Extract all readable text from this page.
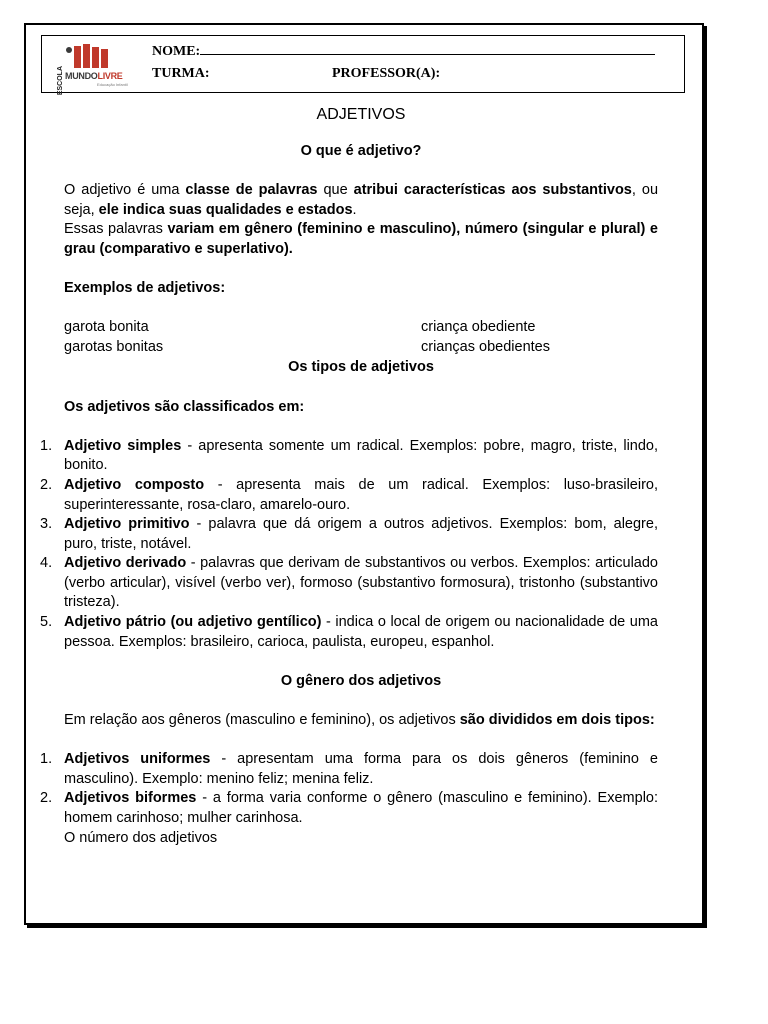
ESCOLA MUNDOLIVRE
Educação Infantil
NOME:
TURMA:	PROFESSOR(A):
ADJETIVOS

O que é adjetivo?

O adjetivo é uma classe de palavras que atribui características aos substantivos, ou seja, ele indica suas qualidades e estados.

Essas palavras variam em gênero (feminino e masculino), número (singular e plural) e grau (comparativo e superlativo).

Exemplos de adjetivos:

garota bonita
garotas bonitas
criança obediente
crianças obedientes

Os tipos de adjetivos

Os adjetivos são classificados em:

1. Adjetivo simples - apresenta somente um radical. Exemplos: pobre, magro, triste, lindo, bonito.
2. Adjetivo composto - apresenta mais de um radical. Exemplos: luso-brasileiro, superinteressante, rosa-claro, amarelo-ouro.
3. Adjetivo primitivo - palavra que dá origem a outros adjetivos. Exemplos: bom, alegre, puro, triste, notável.
4. Adjetivo derivado - palavras que derivam de substantivos ou verbos. Exemplos: articulado (verbo articular), visível (verbo ver), formoso (substantivo formosura), tristonho (substantivo tristeza).
5. Adjetivo pátrio (ou adjetivo gentílico) - indica o local de origem ou nacionalidade de uma pessoa. Exemplos: brasileiro, carioca, paulista, europeu, espanhol.

O gênero dos adjetivos

Em relação aos gêneros (masculino e feminino), os adjetivos são divididos em dois tipos:

1. Adjetivos uniformes - apresentam uma forma para os dois gêneros (feminino e masculino). Exemplo: menino feliz; menina feliz.
2. Adjetivos biformes - a forma varia conforme o gênero (masculino e feminino). Exemplo: homem carinhoso; mulher carinhosa.

O número dos adjetivos
